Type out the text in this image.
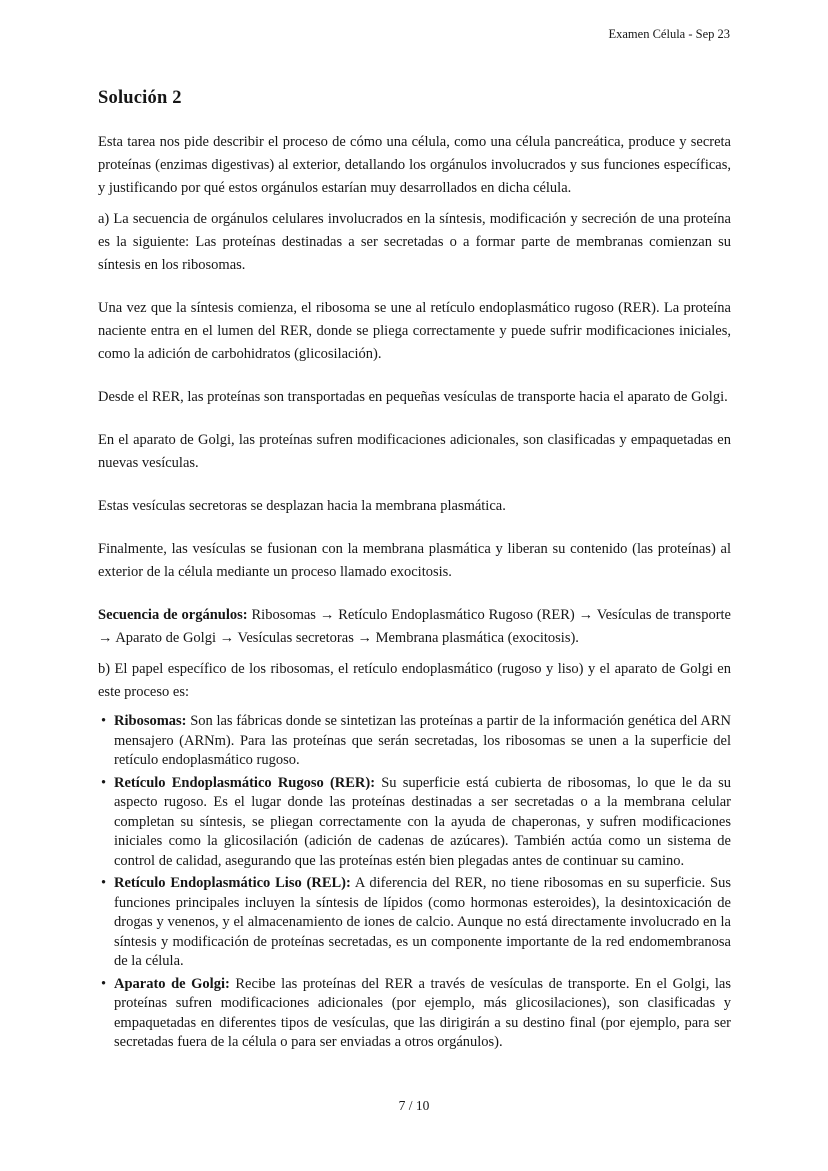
Examen Célula - Sep 23
Solución 2

Esta tarea nos pide describir el proceso de cómo una célula, como una célula pancreática, produce y secreta proteínas (enzimas digestivas) al exterior, detallando los orgánulos involucrados y sus funciones específicas, y justificando por qué estos orgánulos estarían muy desarrollados en dicha célula.

a) La secuencia de orgánulos celulares involucrados en la síntesis, modificación y secreción de una proteína es la siguiente: Las proteínas destinadas a ser secretadas o a formar parte de membranas comienzan su síntesis en los ribosomas.

Una vez que la síntesis comienza, el ribosoma se une al retículo endoplasmático rugoso (RER). La proteína naciente entra en el lumen del RER, donde se pliega correctamente y puede sufrir modificaciones iniciales, como la adición de carbohidratos (glicosilación).

Desde el RER, las proteínas son transportadas en pequeñas vesículas de transporte hacia el aparato de Golgi.

En el aparato de Golgi, las proteínas sufren modificaciones adicionales, son clasificadas y empaquetadas en nuevas vesículas.

Estas vesículas secretoras se desplazan hacia la membrana plasmática.

Finalmente, las vesículas se fusionan con la membrana plasmática y liberan su contenido (las proteínas) al exterior de la célula mediante un proceso llamado exocitosis.

Secuencia de orgánulos: Ribosomas → Retículo Endoplasmático Rugoso (RER) → Vesículas de transporte → Aparato de Golgi → Vesículas secretoras → Membrana plasmática (exocitosis).

b) El papel específico de los ribosomas, el retículo endoplasmático (rugoso y liso) y el aparato de Golgi en este proceso es:

•
Ribosomas: Son las fábricas donde se sintetizan las proteínas a partir de la información genética del ARN mensajero (ARNm). Para las proteínas que serán secretadas, los ribosomas se unen a la superficie del retículo endoplasmático rugoso.
•
Retículo Endoplasmático Rugoso (RER): Su superficie está cubierta de ribosomas, lo que le da su aspecto rugoso. Es el lugar donde las proteínas destinadas a ser secretadas o a la membrana celular completan su síntesis, se pliegan correctamente con la ayuda de chaperonas, y sufren modificaciones iniciales como la glicosilación (adición de cadenas de azúcares). También actúa como un sistema de control de calidad, asegurando que las proteínas estén bien plegadas antes de continuar su camino.
•
Retículo Endoplasmático Liso (REL): A diferencia del RER, no tiene ribosomas en su superficie. Sus funciones principales incluyen la síntesis de lípidos (como hormonas esteroides), la desintoxicación de drogas y venenos, y el almacenamiento de iones de calcio. Aunque no está directamente involucrado en la síntesis y modificación de proteínas secretadas, es un componente importante de la red endomembranosa de la célula.
•
Aparato de Golgi: Recibe las proteínas del RER a través de vesículas de transporte. En el Golgi, las proteínas sufren modificaciones adicionales (por ejemplo, más glicosilaciones), son clasificadas y empaquetadas en diferentes tipos de vesículas, que las dirigirán a su destino final (por ejemplo, para ser secretadas fuera de la célula o para ser enviadas a otros orgánulos).
7 / 10
